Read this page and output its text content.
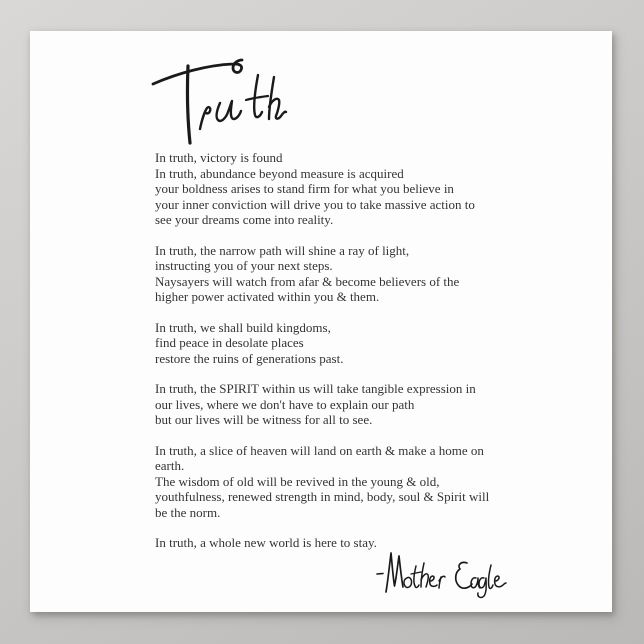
In truth, victory is found
In truth, abundance beyond measure is acquired
your boldness arises to stand firm for what you believe in
your inner conviction will drive you to take massive action to
see your dreams come into reality.
In truth, the narrow path will shine a ray of light,
instructing you of your next steps.
Naysayers will watch from afar & become believers of the
higher power activated within you & them.
In truth, we shall build kingdoms,
find peace in desolate places
restore the ruins of generations past.
In truth, the SPIRIT within us will take tangible expression in
our lives, where we don't have to explain our path
but our lives will be witness for all to see.
In truth, a slice of heaven will land on earth & make a home on
earth.
The wisdom of old will be revived in the young & old,
youthfulness, renewed strength in mind, body, soul & Spirit will
be the norm.
In truth, a whole new world is here to stay.
